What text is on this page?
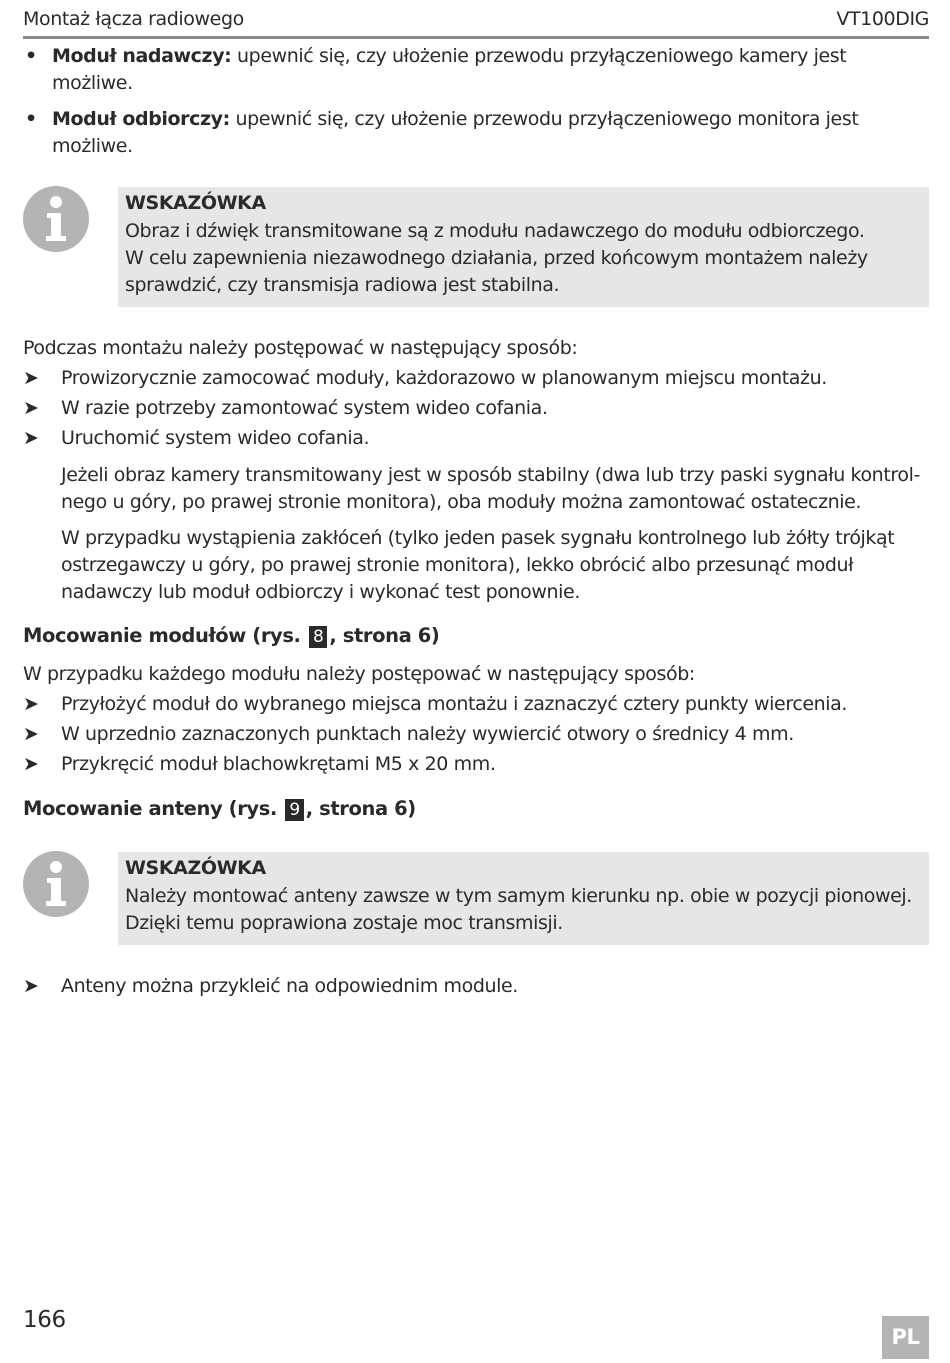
Montaż łącza radiowego	VT100DIG
• Moduł nadawczy: upewnić się, czy ułożenie przewodu przyłączeniowego kamery jest możliwe.
• Moduł odbiorczy: upewnić się, czy ułożenie przewodu przyłączeniowego monitora jest możliwe.
WSKAZÓWKA
Obraz i dźwięk transmitowane są z modułu nadawczego do modułu odbiorczego.
W celu zapewnienia niezawodnego działania, przed końcowym montażem należy
sprawdzić, czy transmisja radiowa jest stabilna.
Podczas montażu należy postępować w następujący sposób:
➤ Prowizorycznie zamocować moduły, każdorazowo w planowanym miejscu montażu.
➤ W razie potrzeby zamontować system wideo cofania.
➤ Uruchomić system wideo cofania.
Jeżeli obraz kamery transmitowany jest w sposób stabilny (dwa lub trzy paski sygnału kontrol-
nego u góry, po prawej stronie monitora), oba moduły można zamontować ostatecznie.
W przypadku wystąpienia zakłóceń (tylko jeden pasek sygnału kontrolnego lub żółty trójkąt
ostrzegawczy u góry, po prawej stronie monitora), lekko obrócić albo przesunąć moduł
nadawczy lub moduł odbiorczy i wykonać test ponownie.
Mocowanie modułów (rys. 8 , strona 6)
W przypadku każdego modułu należy postępować w następujący sposób:
➤ Przyłożyć moduł do wybranego miejsca montażu i zaznaczyć cztery punkty wiercenia.
➤ W uprzednio zaznaczonych punktach należy wywiercić otwory o średnicy 4 mm.
➤ Przykręcić moduł blachowkrętami M5 x 20 mm.
Mocowanie anteny (rys. 9 , strona 6)
WSKAZÓWKA
Należy montować anteny zawsze w tym samym kierunku np. obie w pozycji pionowej.
Dzięki temu poprawiona zostaje moc transmisji.
➤ Anteny można przykleić na odpowiednim module.
166
PL
